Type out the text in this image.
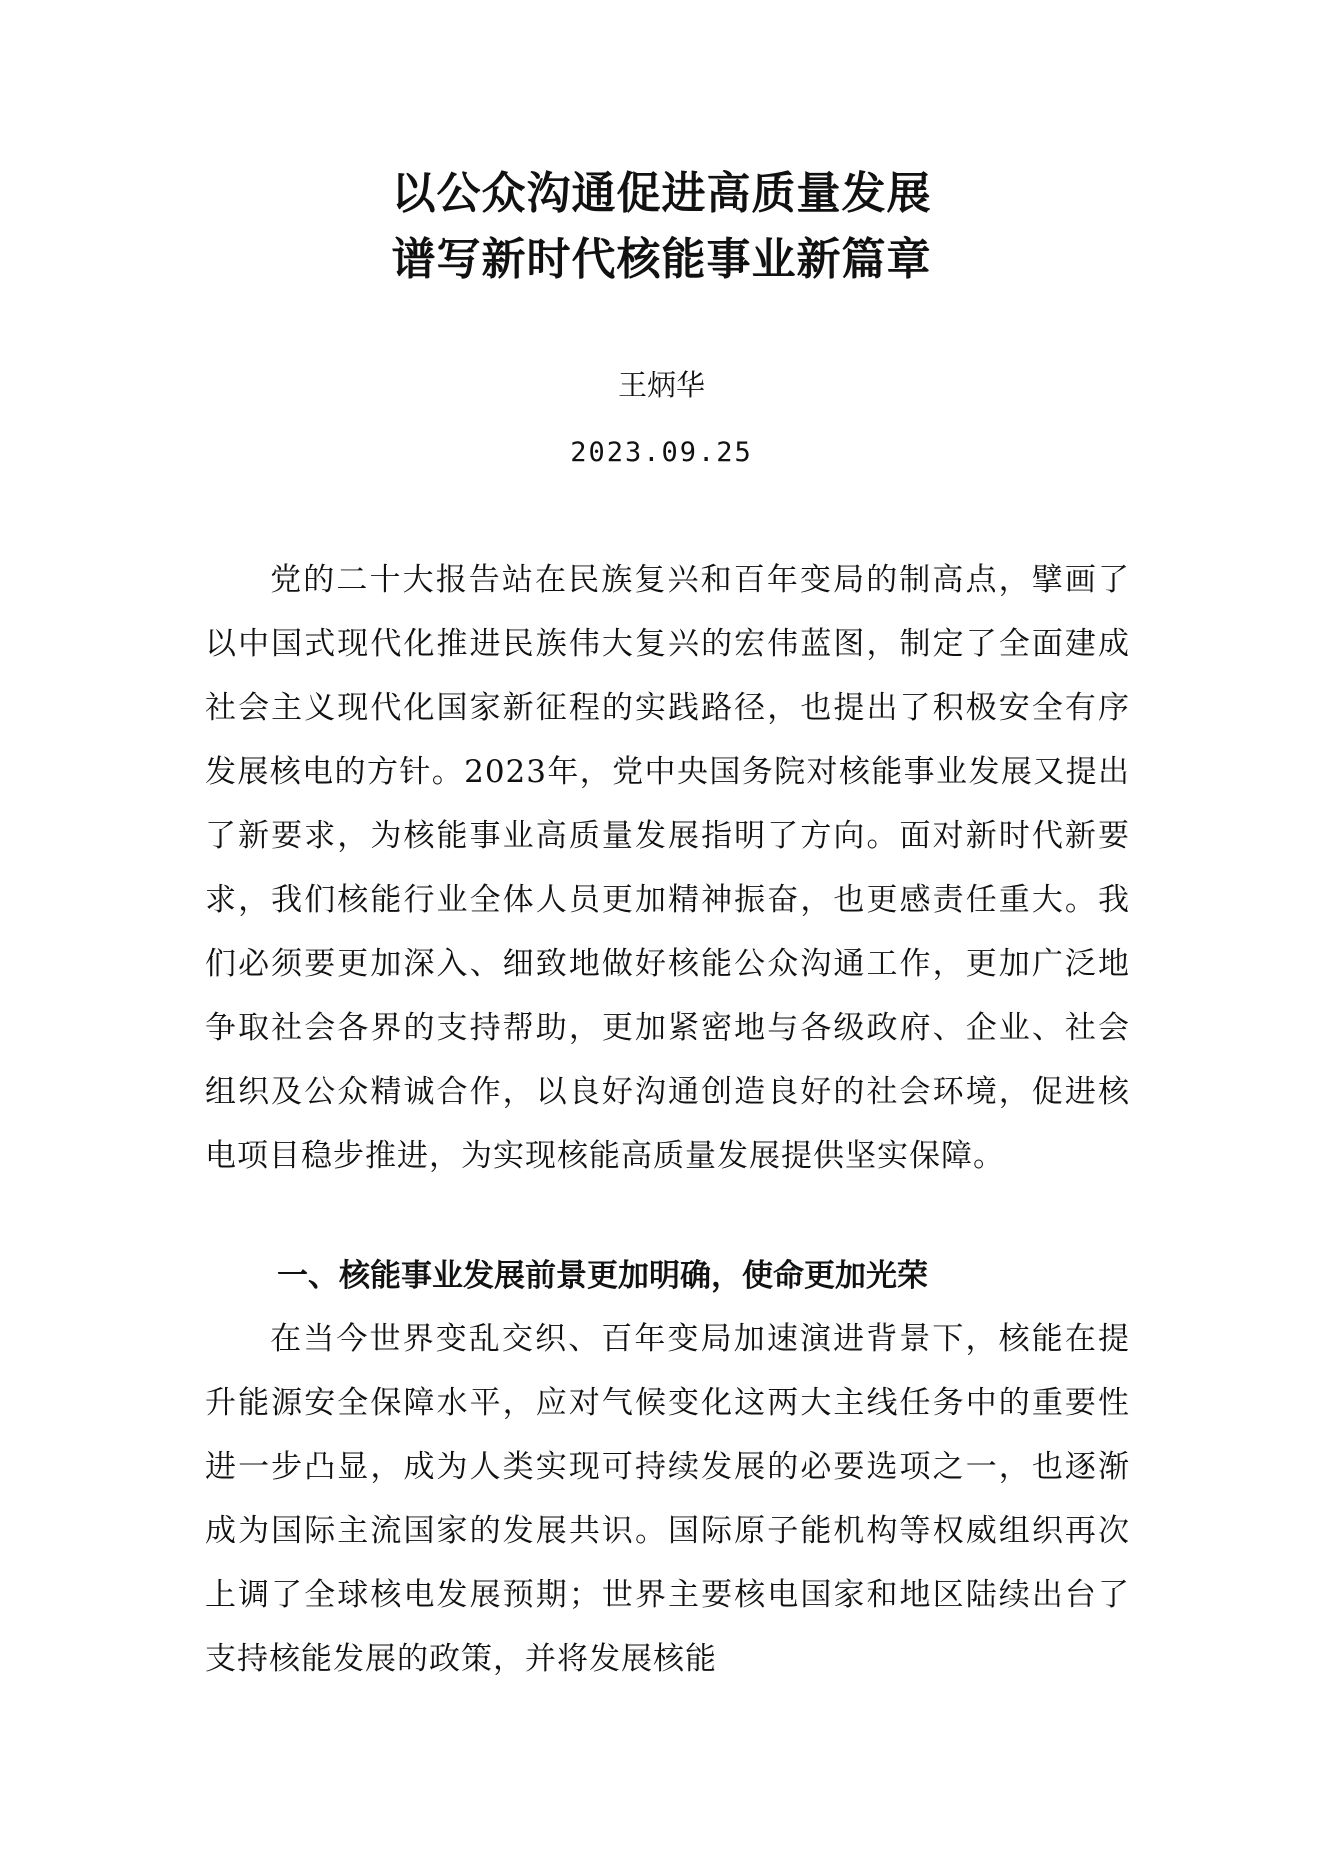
以公众沟通促进高质量发展
谱写新时代核能事业新篇章
王炳华
2023.09.25

党的二十大报告站在民族复兴和百年变局的制高点，擘画了以中国式现代化推进民族伟大复兴的宏伟蓝图，制定了全面建成社会主义现代化国家新征程的实践路径，也提出了积极安全有序发展核电的方针。2023年，党中央国务院对核能事业发展又提出了新要求，为核能事业高质量发展指明了方向。面对新时代新要求，我们核能行业全体人员更加精神振奋，也更感责任重大。我们必须要更加深入、细致地做好核能公众沟通工作，更加广泛地争取社会各界的支持帮助，更加紧密地与各级政府、企业、社会组织及公众精诚合作，以良好沟通创造良好的社会环境，促进核电项目稳步推进，为实现核能高质量发展提供坚实保障。

一、核能事业发展前景更加明确，使命更加光荣

在当今世界变乱交织、百年变局加速演进背景下，核能在提升能源安全保障水平，应对气候变化这两大主线任务中的重要性进一步凸显，成为人类实现可持续发展的必要选项之一，也逐渐成为国际主流国家的发展共识。国际原子能机构等权威组织再次上调了全球核电发展预期；世界主要核电国家和地区陆续出台了支持核能发展的政策，并将发展核能
